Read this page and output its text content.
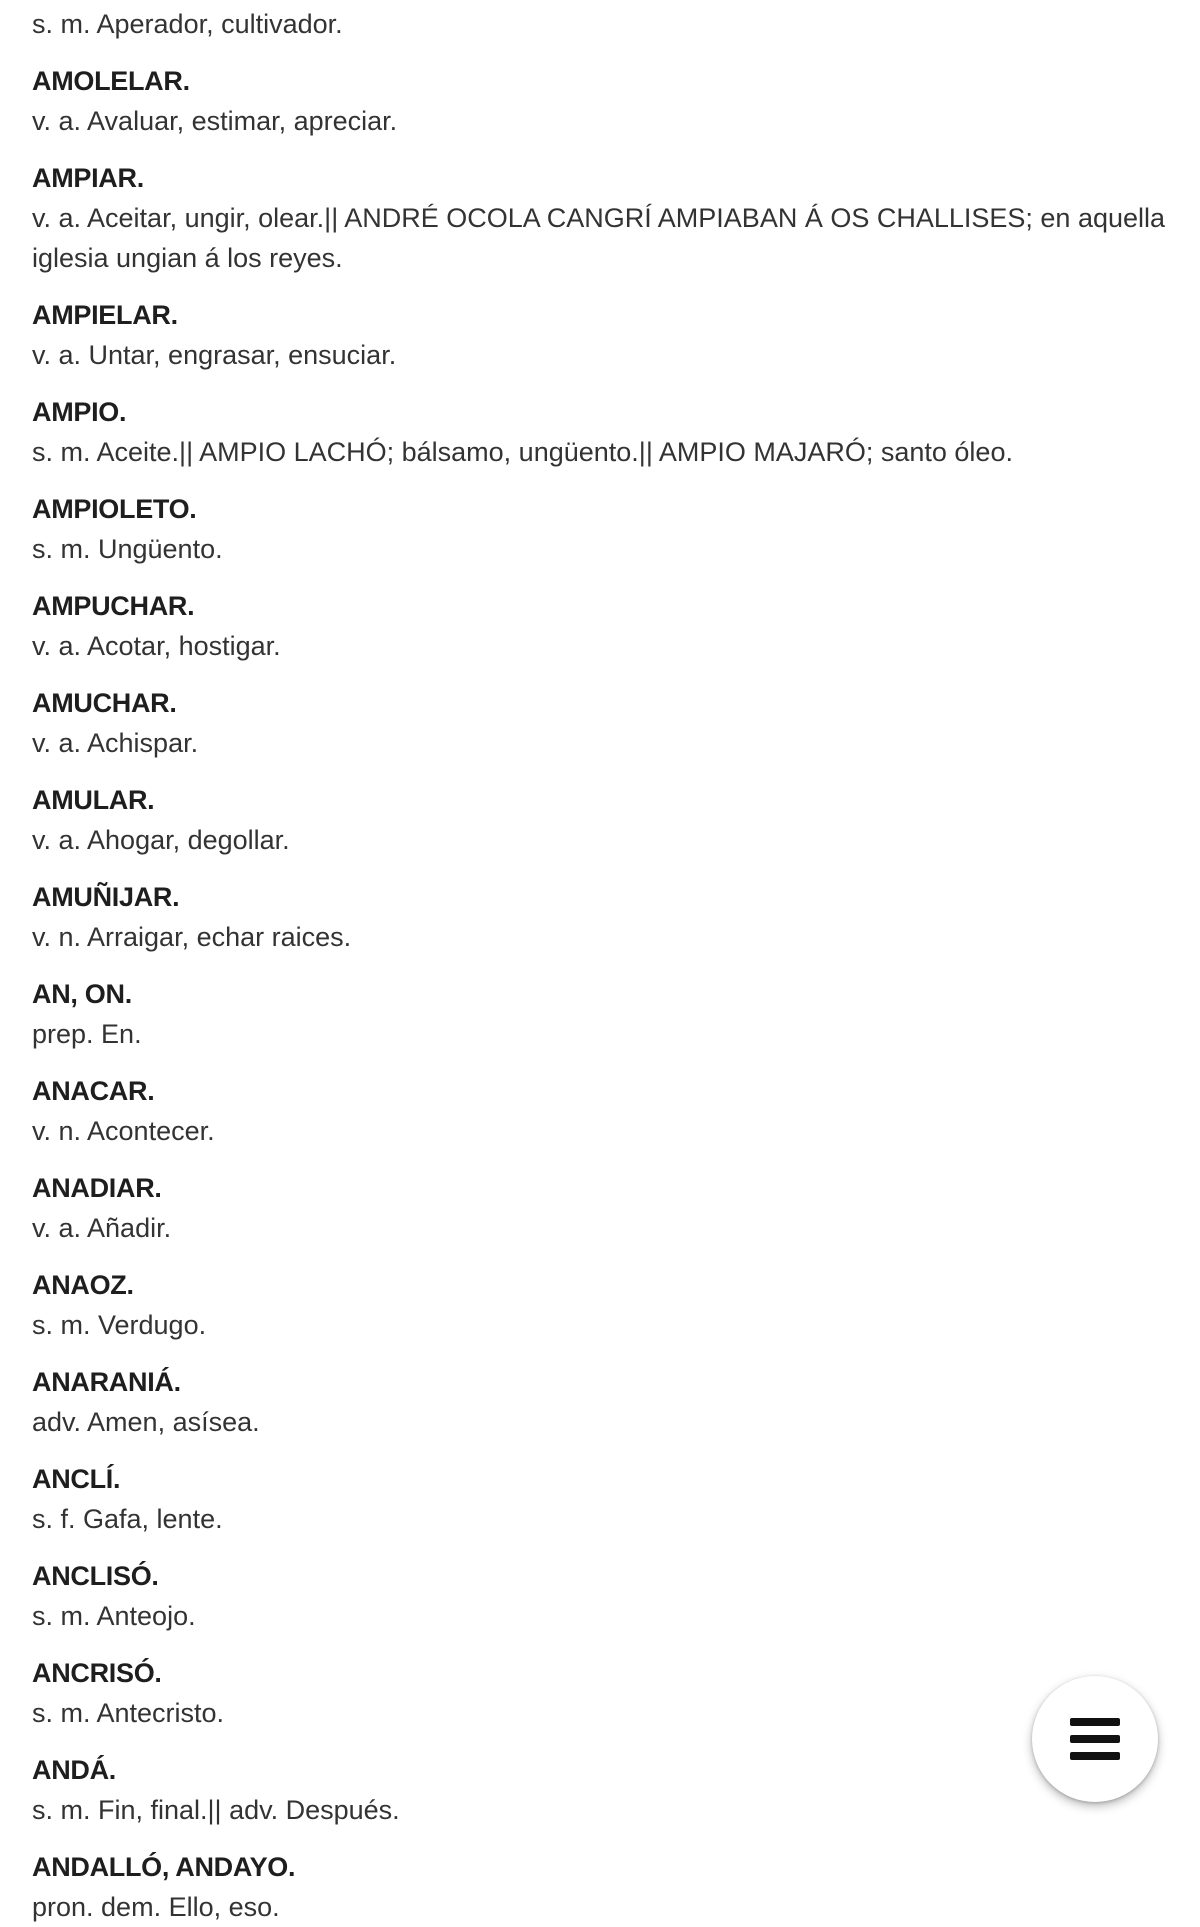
s. m. Aperador, cultivador.
AMOLELAR.
v. a. Avaluar, estimar, apreciar.
AMPIAR.
v. a. Aceitar, ungir, olear.|| ANDRÉ OCOLA CANGRÍ AMPIABAN Á OS CHALLISES; en aquella iglesia ungian á los reyes.
AMPIELAR.
v. a. Untar, engrasar, ensuciar.
AMPIO.
s. m. Aceite.|| AMPIO LACHÓ; bálsamo, ungüento.|| AMPIO MAJARÓ; santo óleo.
AMPIOLETO.
s. m. Ungüento.
AMPUCHAR.
v. a. Acotar, hostigar.
AMUCHAR.
v. a. Achispar.
AMULAR.
v. a. Ahogar, degollar.
AMUÑIJAR.
v. n. Arraigar, echar raices.
AN, ON.
prep. En.
ANACAR.
v. n. Acontecer.
ANADIAR.
v. a. Añadir.
ANAOZ.
s. m. Verdugo.
ANARANIÁ.
adv. Amen, asísea.
ANCLÍ.
s. f. Gafa, lente.
ANCLISÓ.
s. m. Anteojo.
ANCRISÓ.
s. m. Antecristo.
ANDÁ.
s. m. Fin, final.|| adv. Después.
ANDALLÓ, ANDAYO.
pron. dem. Ello, eso.
